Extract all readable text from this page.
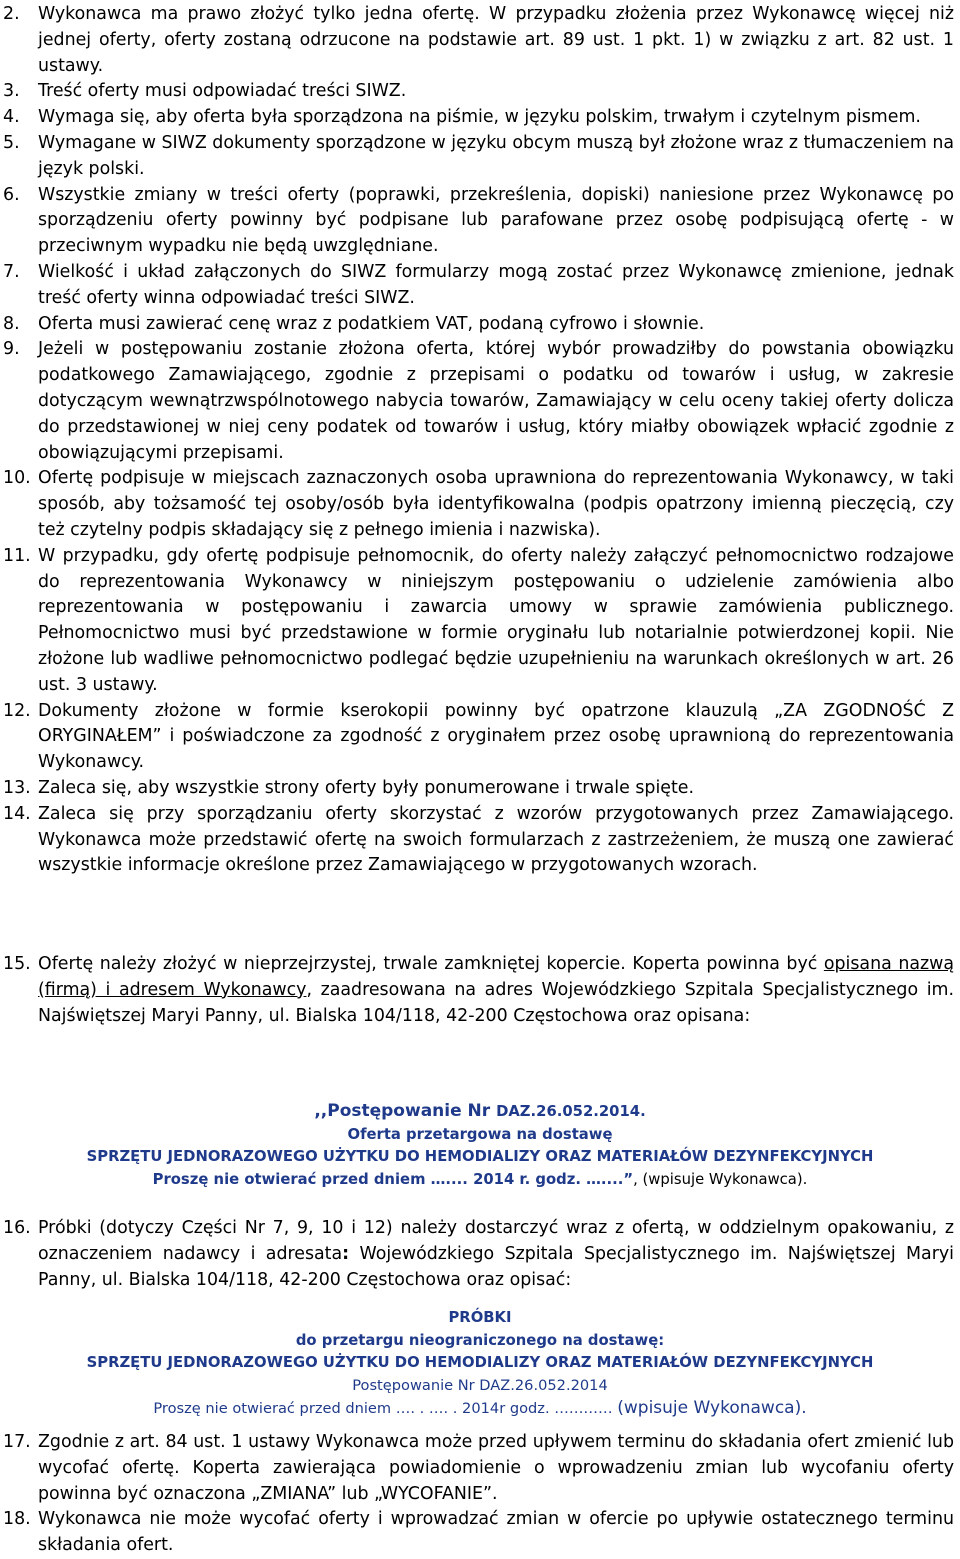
2. Wykonawca ma prawo złożyć tylko jedna ofertę. W przypadku złożenia przez Wykonawcę więcej niż jednej oferty, oferty zostaną odrzucone na podstawie art. 89 ust. 1 pkt. 1) w związku z art. 82 ust. 1 ustawy.
3. Treść oferty musi odpowiadać treści SIWZ.
4. Wymaga się, aby oferta była sporządzona na piśmie, w języku polskim, trwałym i czytelnym pismem.
5. Wymagane w SIWZ dokumenty sporządzone w języku obcym muszą był złożone wraz z tłumaczeniem na język polski.
6. Wszystkie zmiany w treści oferty (poprawki, przekreślenia, dopiski) naniesione przez Wykonawcę po sporządzeniu oferty powinny być podpisane lub parafowane przez osobę podpisującą ofertę - w przeciwnym wypadku nie będą uwzględniane.
7. Wielkość i układ załączonych do SIWZ formularzy mogą zostać przez Wykonawcę zmienione, jednak treść oferty winna odpowiadać treści SIWZ.
8. Oferta musi zawierać cenę wraz z podatkiem VAT, podaną cyfrowo i słownie.
9. Jeżeli w postępowaniu zostanie złożona oferta, której wybór prowadziłby do powstania obowiązku podatkowego Zamawiającego, zgodnie z przepisami o podatku od towarów i usług, w zakresie dotyczącym wewnątrzwspólnotowego nabycia towarów, Zamawiający w celu oceny takiej oferty dolicza do przedstawionej w niej ceny podatek od towarów i usług, który miałby obowiązek wpłacić zgodnie z obowiązującymi przepisami.
10. Ofertę podpisuje w miejscach zaznaczonych osoba uprawniona do reprezentowania Wykonawcy, w taki sposób, aby tożsamość tej osoby/osób była identyfikowalna (podpis opatrzony imienną pieczęcią, czy też czytelny podpis składający się z pełnego imienia i nazwiska).
11. W przypadku, gdy ofertę podpisuje pełnomocnik, do oferty należy załączyć pełnomocnictwo rodzajowe do reprezentowania Wykonawcy w niniejszym postępowaniu o udzielenie zamówienia albo reprezentowania w postępowaniu i zawarcia umowy w sprawie zamówienia publicznego. Pełnomocnictwo musi być przedstawione w formie oryginału lub notarialnie potwierdzonej kopii. Nie złożone lub wadliwe pełnomocnictwo podlegać będzie uzupełnieniu na warunkach określonych w art. 26 ust. 3 ustawy.
12. Dokumenty złożone w formie kserokopii powinny być opatrzone klauzulą „ZA ZGODNOŚĆ Z ORYGINAŁEM” i poświadczone za zgodność z oryginałem przez osobę uprawnioną do reprezentowania Wykonawcy.
13. Zaleca się, aby wszystkie strony oferty były ponumerowane i trwale spięte.
14. Zaleca się przy sporządzaniu oferty skorzystać z wzorów przygotowanych przez Zamawiającego. Wykonawca może przedstawić ofertę na swoich formularzach z zastrzeżeniem, że muszą one zawierać wszystkie informacje określone przez Zamawiającego w przygotowanych wzorach.
15. Ofertę należy złożyć w nieprzejrzystej, trwale zamkniętej kopercie. Koperta powinna być opisana nazwą (firmą) i adresem Wykonawcy, zaadresowana na adres Wojewódzkiego Szpitala Specjalistycznego im. Najświętszej Maryi Panny, ul. Bialska 104/118, 42-200 Częstochowa oraz opisana:
,,Postępowanie Nr DAZ.26.052.2014.
Oferta przetargowa na dostawę
SPRZĘTU JEDNORAZOWEGO UŻYTKU DO HEMODIALIZY ORAZ MATERIAŁÓW DEZYNFEKCYJNYCH
Proszę nie otwierać przed dniem ….... 2014 r. godz. …....”, (wpisuje Wykonawca).
16. Próbki (dotyczy Części Nr 7, 9, 10 i 12) należy dostarczyć wraz z ofertą, w oddzielnym opakowaniu, z oznaczeniem nadawcy i adresata: Wojewódzkiego Szpitala Specjalistycznego im. Najświętszej Maryi Panny, ul. Bialska 104/118, 42-200 Częstochowa oraz opisać:
PRÓBKI
do przetargu nieograniczonego na dostawę:
SPRZĘTU JEDNORAZOWEGO UŻYTKU DO HEMODIALIZY ORAZ MATERIAŁÓW DEZYNFEKCYJNYCH
Postępowanie Nr DAZ.26.052.2014
Proszę nie otwierać przed dniem …. . …. . 2014r godz. ………… (wpisuje Wykonawca).
17. Zgodnie z art. 84 ust. 1 ustawy Wykonawca może przed upływem terminu do składania ofert zmienić lub wycofać ofertę. Koperta zawierająca powiadomienie o wprowadzeniu zmian lub wycofaniu oferty powinna być oznaczona „ZMIANA” lub „WYCOFANIE”.
18. Wykonawca nie może wycofać oferty i wprowadzać zmian w ofercie po upływie ostatecznego terminu składania ofert.
